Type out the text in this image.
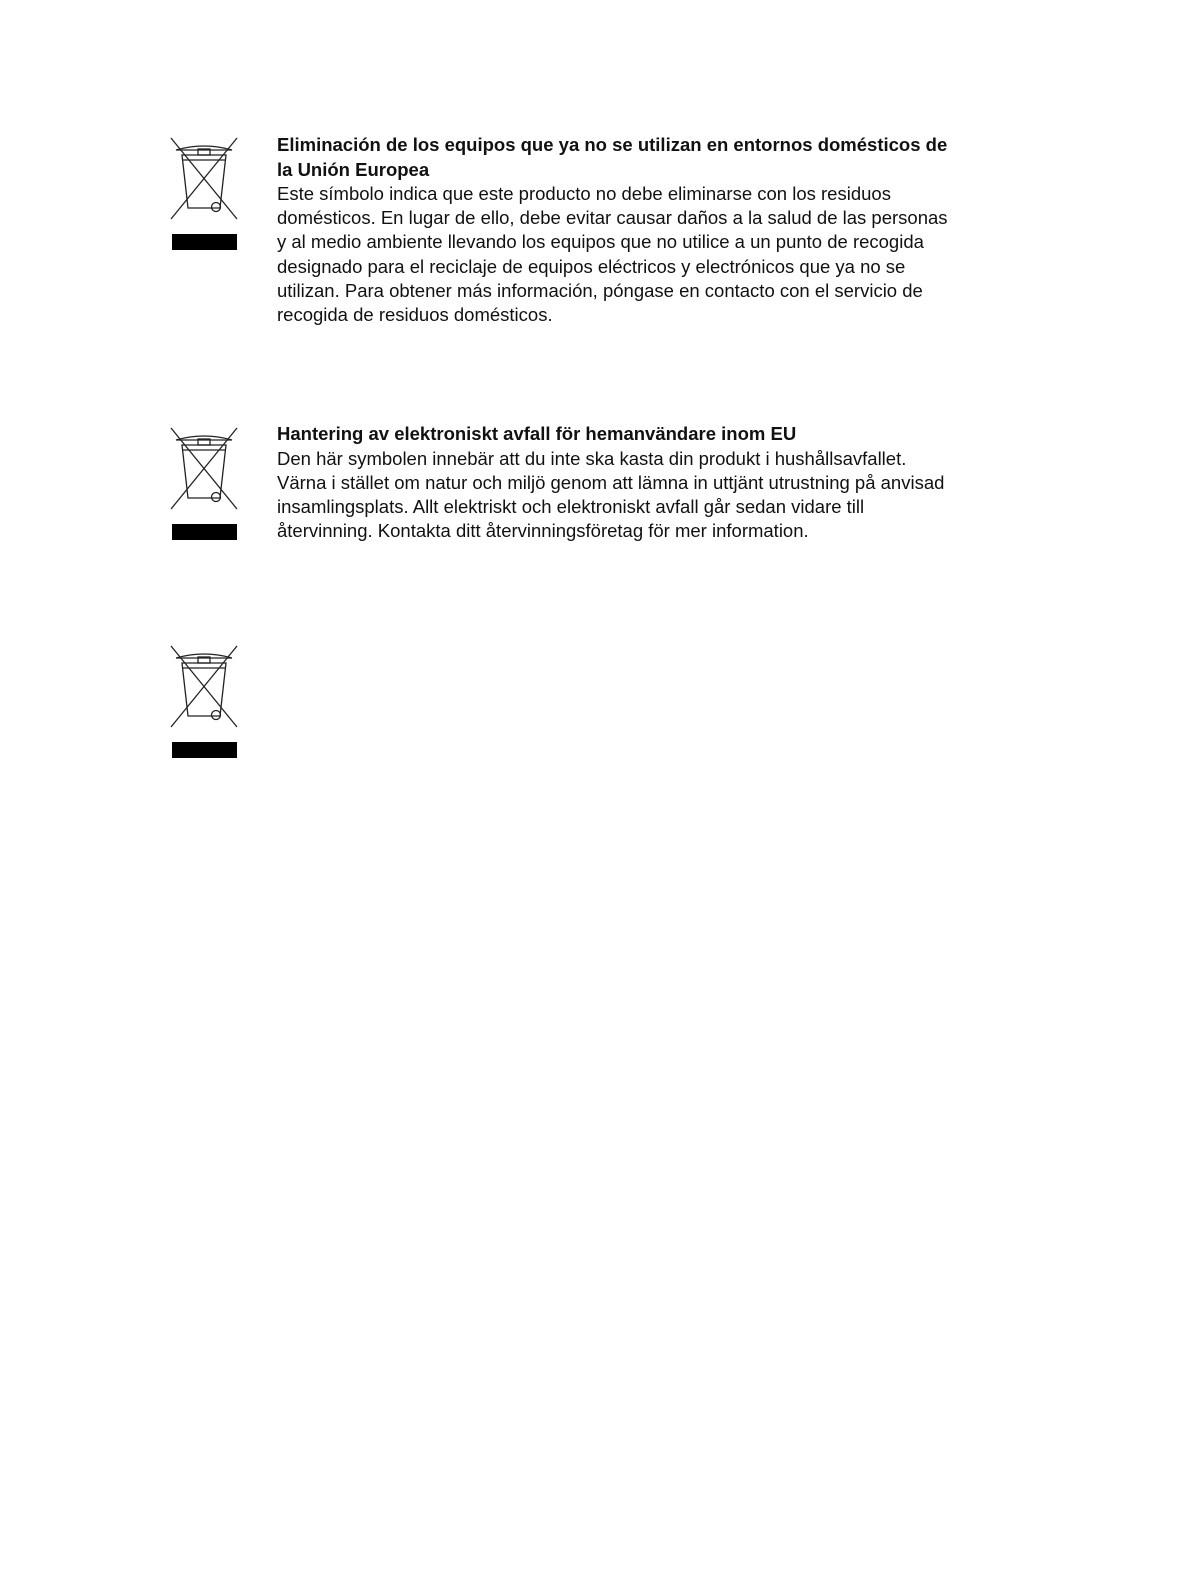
Eliminación de los equipos que ya no se utilizan en entornos domésticos de la Unión Europea

Este símbolo indica que este producto no debe eliminarse con los residuos domésticos. En lugar de ello, debe evitar causar daños a la salud de las personas y al medio ambiente llevando los equipos que no utilice a un punto de recogida designado para el reciclaje de equipos eléctricos y electrónicos que ya no se utilizan. Para obtener más información, póngase en contacto con el servicio de recogida de residuos domésticos.

Hantering av elektroniskt avfall för hemanvändare inom EU

Den här symbolen innebär att du inte ska kasta din produkt i hushållsavfallet. Värna i stället om natur och miljö genom att lämna in uttjänt utrustning på anvisad insamlingsplats. Allt elektriskt och elektroniskt avfall går sedan vidare till återvinning. Kontakta ditt återvinningsföretag för mer information.
